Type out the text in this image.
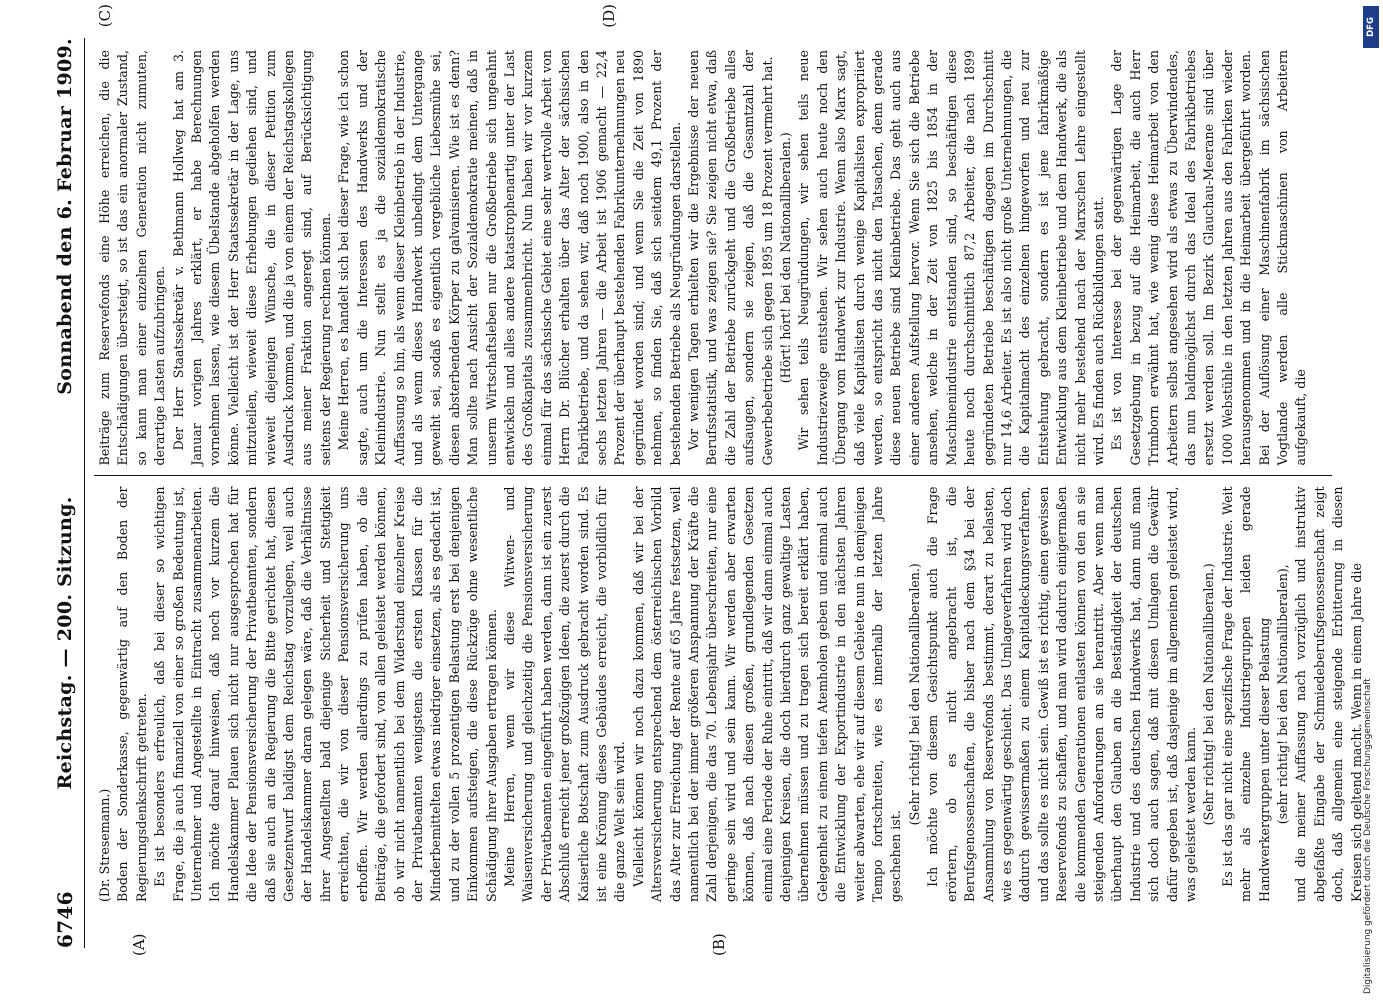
6746
Reichstag. — 200. Sitzung.
Sonnabend den 6. Februar 1909.
(A)	(B)

(Dr. Stresemann.) Boden der Sonderkasse, gegenwärtig auf den Boden der Regierungsdenkschrift getreten. Es ist besonders erfreulich, daß bei dieser so wichtigen Frage, die ja auch finanziell von einer so großen Bedeutung ist, Unternehmer und Angestellte in Eintracht zusammenarbeiten. Ich möchte darauf hinweisen, daß noch vor kurzem die Handelskammer Plauen sich nicht nur ausgesprochen hat für die Idee der Pensionsversicherung der Privatbeamten, sondern daß sie auch an die Regierung die Bitte gerichtet hat, diesen Gesetzentwurf baldigst dem Reichstag vorzulegen, weil auch der Handelskammer daran gelegen wäre, daß die Verhältnisse ihrer Angestellten bald diejenige Sicherheit und Stetigkeit erreichten, die wir von dieser Pensionsversicherung uns erhoffen. Wir werden allerdings zu prüfen haben, ob die Beiträge, die gefordert sind, von allen geleistet werden können, ob wir nicht namentlich bei dem Widerstand einzelner Kreise der Privatbeamten wenigstens die ersten Klassen für die Minderbemittelten etwas niedriger einsetzen, als es gedacht ist, und zu der vollen 5 prozentigen Belastung erst bei denjenigen Einkommen aufsteigen, die diese Rückzüge ohne wesentliche Schädigung ihrer Ausgaben ertragen können. Meine Herren, wenn wir diese Witwen- und Waisenversicherung und gleichzeitig die Pensionsversicherung der Privatbeamten eingeführt haben werden, dann ist ein zuerst Abschluß erreicht jener großzügigen Ideen, die zuerst durch die Kaiserliche Botschaft zum Ausdruck gebracht worden sind. Es ist eine Krönung dieses Gebäudes erreicht, die vorbildlich für die ganze Welt sein wird. Vielleicht können wir noch dazu kommen, daß wir bei der Altersversicherung entsprechend dem österreichischen Vorbild das Alter zur Erreichung der Rente auf 65 Jahre festsetzen, weil namentlich bei der immer größeren Anspannung der Kräfte die Zahl derjenigen, die das 70. Lebensjahr überschreiten, nur eine geringe sein wird und sein kann. Wir werden aber erwarten können, daß nach diesen großen, grundlegenden Gesetzen einmal eine Periode der Ruhe eintritt, daß wir dann einmal auch denjenigen Kreisen, die doch hierdurch ganz gewaltige Lasten übernehmen müssen und zu tragen sich bereit erklärt haben, Gelegenheit zu einem tiefen Atemholen geben und einmal auch die Entwicklung der Exportindustrie in den nächsten Jahren weiter abwarten, ehe wir auf diesem Gebiete nun in demjenigen Tempo fortschreiten, wie es innerhalb der letzten Jahre geschehen ist.

(Sehr richtig! bei den Nationalliberalen.) Ich möchte von diesem Gesichtspunkt auch die Frage erörtern, ob es nicht angebracht ist, die Berufsgenossenschaften, die bisher nach dem §34 bei der Ansammlung von Reservefonds bestimmt, derart zu belasten, wie es gegenwärtig geschieht. Das Umlageverfahren wird doch dadurch gewissermaßen zu einem Kapitaldeckungsverfahren, und das sollte es nicht sein. Gewiß ist es richtig, einen gewissen Reservefonds zu schaffen, und man wird dadurch einigermaßen die kommenden Generationen entlasten können von den an sie steigenden Anforderungen an sie herantritt. Aber wenn man überhaupt den Glauben an die Beständigkeit der deutschen Industrie und des deutschen Handwerks hat, dann muß man sich doch auch sagen, daß mit diesen Umlagen die Gewähr dafür gegeben ist, daß dasjenige im allgemeinen geleistet wird, was geleistet werden kann. (Sehr richtig! bei den Nationalliberalen.) Es ist das gar nicht eine spezifische Frage der Industrie. Weit mehr als einzelne Industriegruppen leiden gerade Handwerkergruppen unter dieser Belastung (sehr richtig! bei den Nationalliberalen), und die meiner Auffassung nach vorzüglich und instruktiv abgefaßte Eingabe der Schmiedeberufsgenossenschaft zeigt doch, daß allgemein eine steigende Erbitterung in diesen Kreisen sich geltend macht. Wenn in einem Jahre die

(C)	(D)

Beiträge zum Reservefonds eine Höhe erreichen, die die Entschädigungen übersteigt, so ist das ein anormaler Zustand, so kann man einer einzelnen Generation nicht zumuten, derartige Lasten aufzubringen. Der Herr Staatssekretär v. Bethmann Hollweg hat am 3. Januar vorigen Jahres erklärt, er habe Berechnungen vornehmen lassen, wie diesem Übelstande abgeholfen werden könne. Vielleicht ist der Herr Staatssekretär in der Lage, uns mitzuteilen, wieweit diese Erhebungen gediehen sind, und wieweit diejenigen Wünsche, die in dieser Petition zum Ausdruck kommen, und die ja von einem der Reichstagskollegen aus meiner Fraktion angeregt sind, auf Berücksichtigung seitens der Regierung rechnen können. Meine Herren, es handelt sich bei dieser Frage, wie ich schon sagte, auch um die Interessen des Handwerks und der Kleinindustrie. Nun stellt es ja die sozialdemokratische Auffassung so hin, als wenn dieser Kleinbetrieb in der Industrie, und als wenn dieses Handwerk unbedingt dem Untergange geweiht sei, sodaß es eigentlich vergebliche Liebesmühe sei, diesen absterbenden Körper zu galvanisieren. Wie ist es denn? Man sollte nach Ansicht der Sozialdemokratie meinen, daß in unserm Wirtschaftsleben nur die Großbetriebe sich ungeahnt entwickeln und alles andere katastrophenartig unter der Last des Großkapitals zusammenbricht. Nun haben wir vor kurzem einmal für das sächsische Gebiet eine sehr wertvolle Arbeit von Herrn Dr. Blücher erhalten über das Alter der sächsischen Fabrikbetriebe, und da sehen wir, daß noch 1900, also in den sechs letzten Jahren — die Arbeit ist 1906 gemacht — 22,4 Prozent der überhaupt bestehenden Fabrikunternehmungen neu gegründet worden sind; und wenn Sie die Zeit von 1890 nehmen, so finden Sie, daß sich seitdem 49,1 Prozent der bestehenden Betriebe als Neugründungen darstellen. Vor wenigen Tagen erhielten wir die Ergebnisse der neuen Berufsstatistik, und was zeigen sie? Sie zeigen nicht etwa, daß die Zahl der Betriebe zurückgeht und die Großbetriebe alles aufsaugen, sondern sie zeigen, daß die Gesamtzahl der Gewerbebetriebe sich gegen 1895 um 18 Prozent vermehrt hat. (Hört! hört! bei den Nationalliberalen.) Wir sehen teils Neugründungen, wir sehen teils neue Industriezweige entstehen. Wir sehen auch heute noch den Übergang vom Handwerk zur Industrie. Wenn also Marx sagt, daß viele Kapitalisten durch wenige Kapitalisten expropriiert werden, so entspricht das nicht den Tatsachen, denn gerade diese neuen Betriebe sind Kleinbetriebe. Das geht auch aus einer anderen Aufstellung hervor. Wenn Sie sich die Betriebe ansehen, welche in der Zeit von 1825 bis 1854 in der Maschinenindustrie entstanden sind, so beschäftigen diese heute noch durchschnittlich 87,2 Arbeiter, die nach 1899 gegründeten Betriebe beschäftigen dagegen im Durchschnitt nur 14,6 Arbeiter. Es ist also nicht große Unternehmungen, die die Kapitalmacht des einzelnen hingeworfen und neu zur Entstehung gebracht, sondern es ist jene fabrikmäßige Entwicklung aus dem Kleinbetriebe und dem Handwerk, die als nicht mehr bestehend nach der Marxschen Lehre eingestellt wird. Es finden auch Rückbildungen statt. Es ist von Interesse bei der gegenwärtigen Lage der Gesetzgebung in bezug auf die Heimarbeit, die auch Herr Trimborn erwähnt hat, wie wenig diese Heimarbeit von den Arbeitern selbst angesehen wird als etwas zu Überwindendes, das nun baldmöglichst durch das Ideal des Fabrikbetriebes ersetzt werden soll. Im Bezirk Glauchau-Meerane sind über 1000 Webstühle in den letzten Jahren aus den Fabriken wieder herausgenommen und in die Heimarbeit übergeführt worden. Bei der Auflösung einer Maschinenfabrik im sächsischen Vogtlande werden alle Stickmaschinen von Arbeitern aufgekauft, die

DFG
Digitalisierung gefördert durch die Deutsche Forschungsgemeinschaft
